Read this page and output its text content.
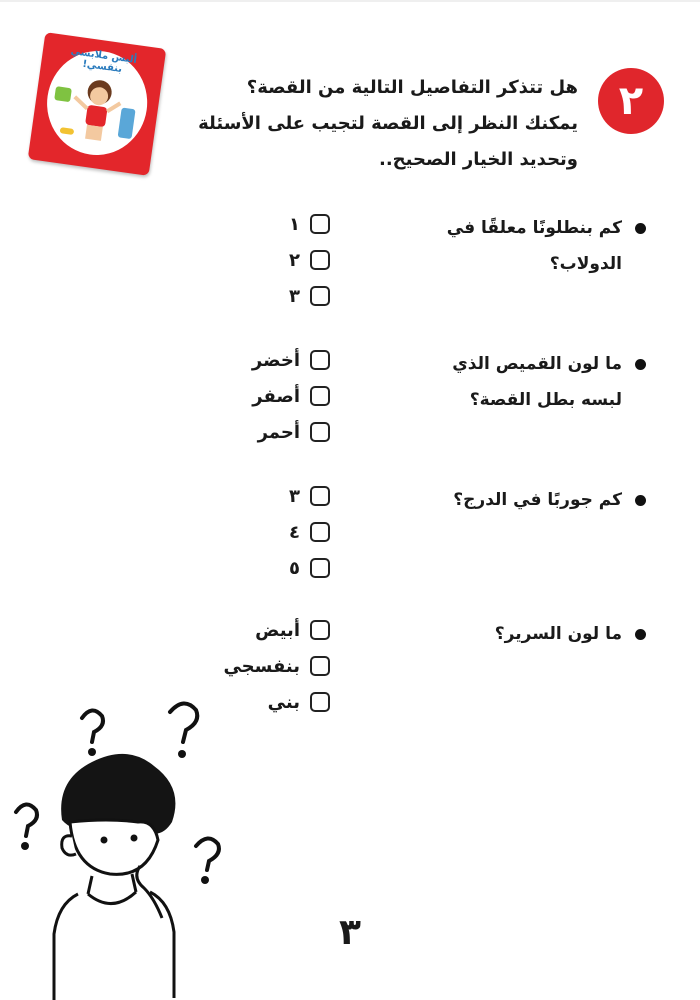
ألبس ملابسي بنفسي!
٢

هل تتذكر التفاصيل التالية من القصة؟

يمكنك النظر إلى القصة لتجيب على الأسئلة

وتحديد الخيار الصحيح..

كم بنطلونًا معلقًا في الدولاب؟
١
٢
٣
ما لون القميص الذي لبسه بطل القصة؟
أخضر
أصفر
أحمر
كم جوربًا في الدرج؟
٣
٤
٥
ما لون السرير؟
أبيض
بنفسجي
بني
٣
